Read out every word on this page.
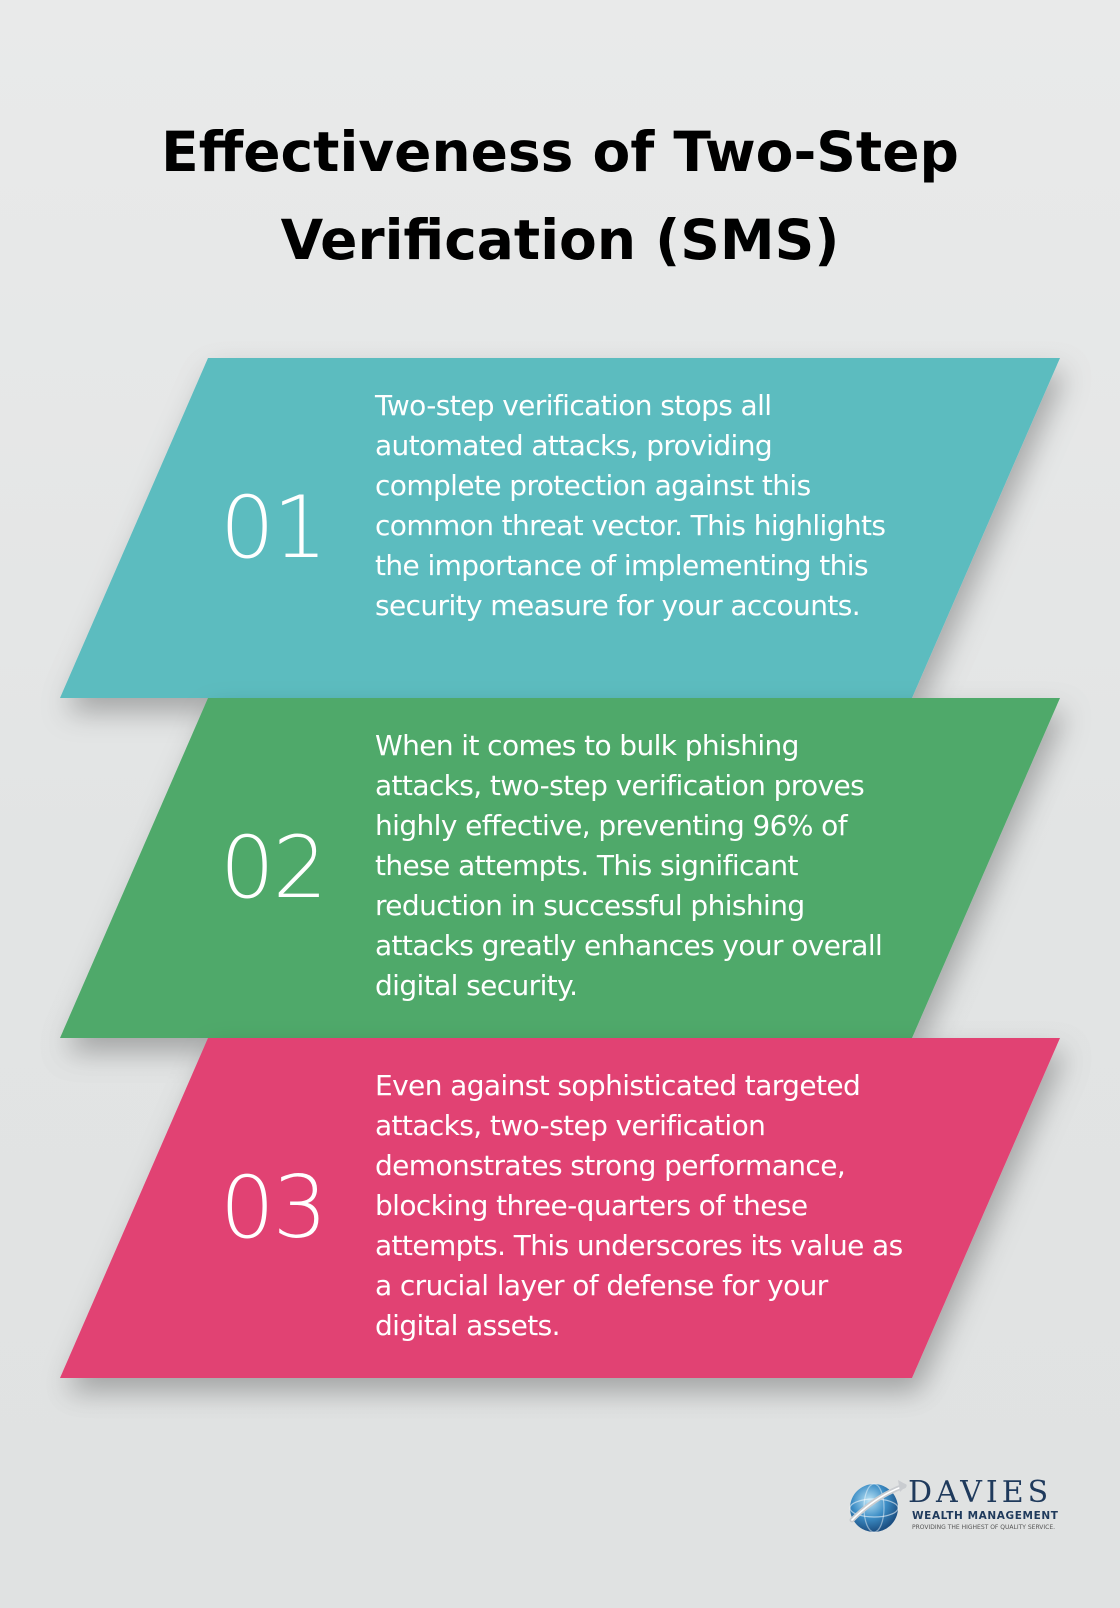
Effectiveness of Two-Step
Verification (SMS)
01

Two-step verification stops all automated attacks, providing complete protection against this common threat vector. This highlights the importance of implementing this security measure for your accounts.

02

When it comes to bulk phishing attacks, two-step verification proves highly effective, preventing 96% of these attempts. This significant reduction in successful phishing attacks greatly enhances your overall digital security.

03

Even against sophisticated targeted attacks, two-step verification demonstrates strong performance, blocking three-quarters of these attempts. This underscores its value as a crucial layer of defense for your digital assets.

DAVIES
WEALTH MANAGEMENT
PROVIDING THE HIGHEST OF QUALITY SERVICE.
